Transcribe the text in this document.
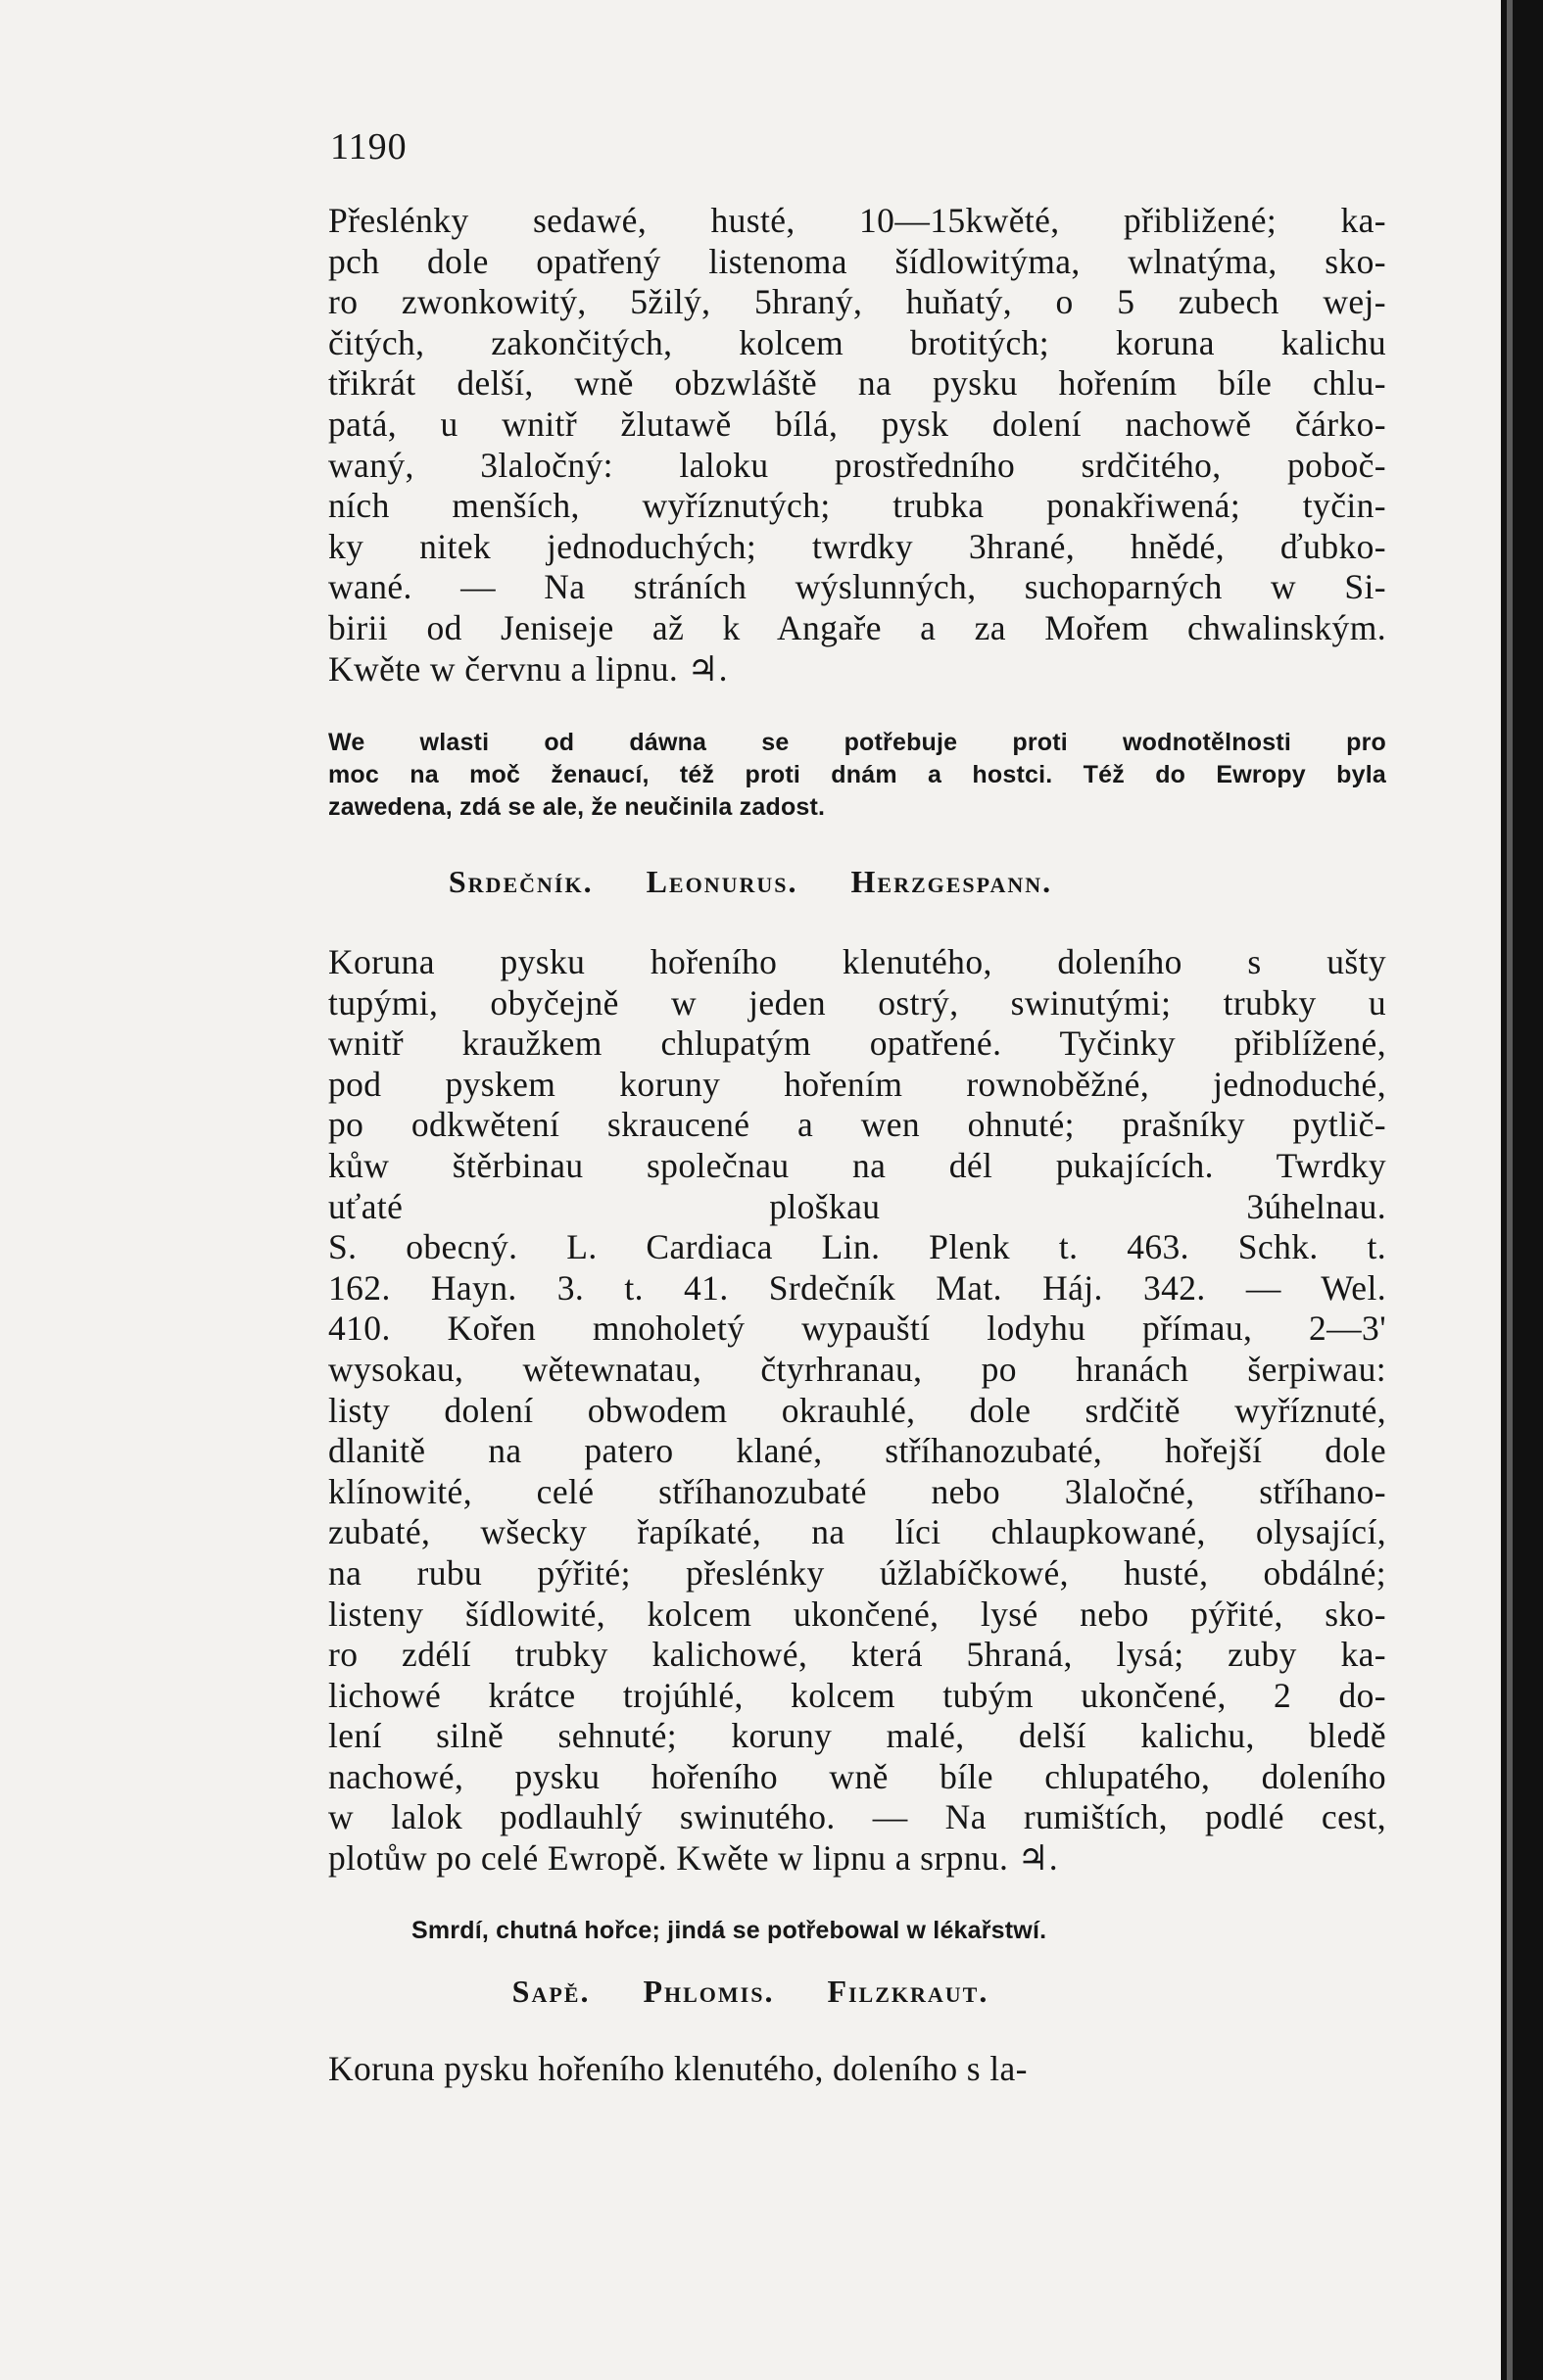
1190
Přeslénky sedawé, husté, 10—15kwěté, přibližené; ka-
pch dole opatřený listenoma šídlowitýma, wlnatýma, sko-
ro zwonkowitý, 5žilý, 5hraný, huňatý, o 5 zubech wej-
čitých, zakončitých, kolcem brotitých; koruna kalichu
třikrát delší, wně obzwláště na pysku hořením bíle chlu-
patá, u wnitř žlutawě bílá, pysk dolení nachowě čárko-
waný, 3laločný: laloku prostředního srdčitého, poboč-
ních menších, wyříznutých; trubka ponakřiwená; tyčin-
ky nitek jednoduchých; twrdky 3hrané, hnědé, ďubko-
wané. — Na stráních wýslunných, suchoparných w Si-
birii od Jeniseje až k Angaře a za Mořem chwalinským.
Kwěte w červnu a lipnu. ♃.
We wlasti od dáwna se potřebuje proti wodnotělnosti pro
moc na moč ženaucí, též proti dnám a hostci. Též do Ewropy byla
zawedena, zdá se ale, že neučinila zadost.
Srdečník. Leonurus. Herzgespann.
Koruna pysku hořeního klenutého, doleního s ušty
tupými, obyčejně w jeden ostrý, swinutými; trubky u
wnitř kraužkem chlupatým opatřené. Tyčinky přiblížené,
pod pyskem koruny hořením rownoběžné, jednoduché,
po odkwětení skraucené a wen ohnuté; prašníky pytlič-
kůw štěrbinau společnau na dél pukajících. Twrdky
uťaté ploškau 3úhelnau.
S. obecný. L. Cardiaca Lin. Plenk t. 463. Schk. t.
162. Hayn. 3. t. 41. Srdečník Mat. Háj. 342. — Wel.
410. Kořen mnoholetý wypauští lodyhu přímau, 2—3'
wysokau, wětewnatau, čtyrhranau, po hranách šerpiwau:
listy dolení obwodem okrauhlé, dole srdčitě wyříznuté,
dlanitě na patero klané, stříhanozubaté, hořejší dole
klínowité, celé stříhanozubaté nebo 3laločné, stříhano-
zubaté, wšecky řapíkaté, na líci chlaupkowané, olysající,
na rubu pýřité; přeslénky úžlabíčkowé, husté, obdálné;
listeny šídlowité, kolcem ukončené, lysé nebo pýřité, sko-
ro zdélí trubky kalichowé, která 5hraná, lysá; zuby ka-
lichowé krátce trojúhlé, kolcem tubým ukončené, 2 do-
lení silně sehnuté; koruny malé, delší kalichu, bledě
nachowé, pysku hořeního wně bíle chlupatého, doleního
w lalok podlauhlý swinutého. — Na rumištích, podlé cest,
plotůw po celé Ewropě. Kwěte w lipnu a srpnu. ♃.
Smrdí, chutná hořce; jindá se potřebowal w lékařstwí.
Sapě. Phlomis. Filzkraut.
Koruna pysku hořeního klenutého, doleního s la-
